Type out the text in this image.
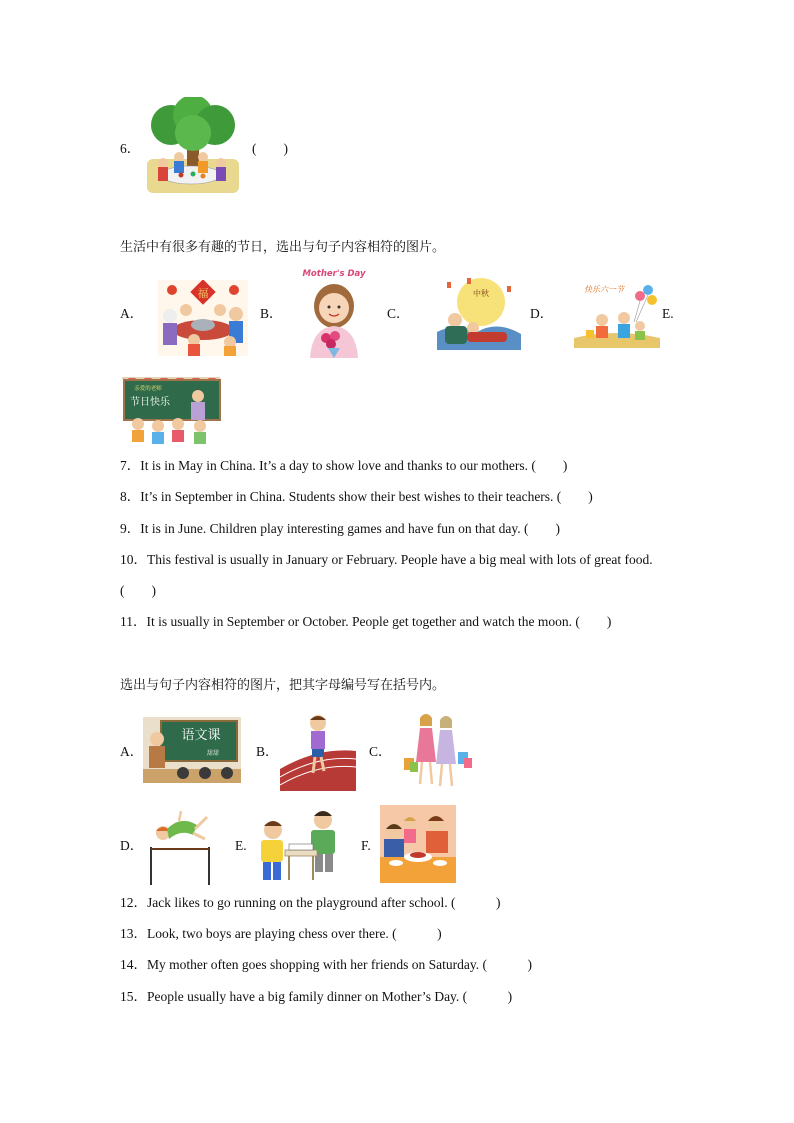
6．	(　　)
生活中有很多有趣的节日，选出与句子内容相符的图片。
A．
福
B．
Mother's Day
C．
中秋
D．
快乐六一节
E.
亲爱的老师
节日快乐
7．It is in May in China. It’s a day to show love and thanks to our mothers. (　　)
8．It’s in September in China. Students show their best wishes to their teachers. (　　)
9．It is in June. Children play interesting games and have fun on that day. (　　)
10．This festival is usually in January or February. People have a big meal with lots of great food.
(　　)
11．It is usually in September or October. People get together and watch the moon. (　　)
选出与句子内容相符的图片，把其字母编号写在括号内。
A．
语文课
甜甜	B．	C．
D．	E.	F.
12．Jack likes to go running on the playground after school. (　　　)
13．Look, two boys are playing chess over there. (　　　)
14．My mother often goes shopping with her friends on Saturday. (　　　)
15．People usually have a big family dinner on Mother’s Day. (　　　)
